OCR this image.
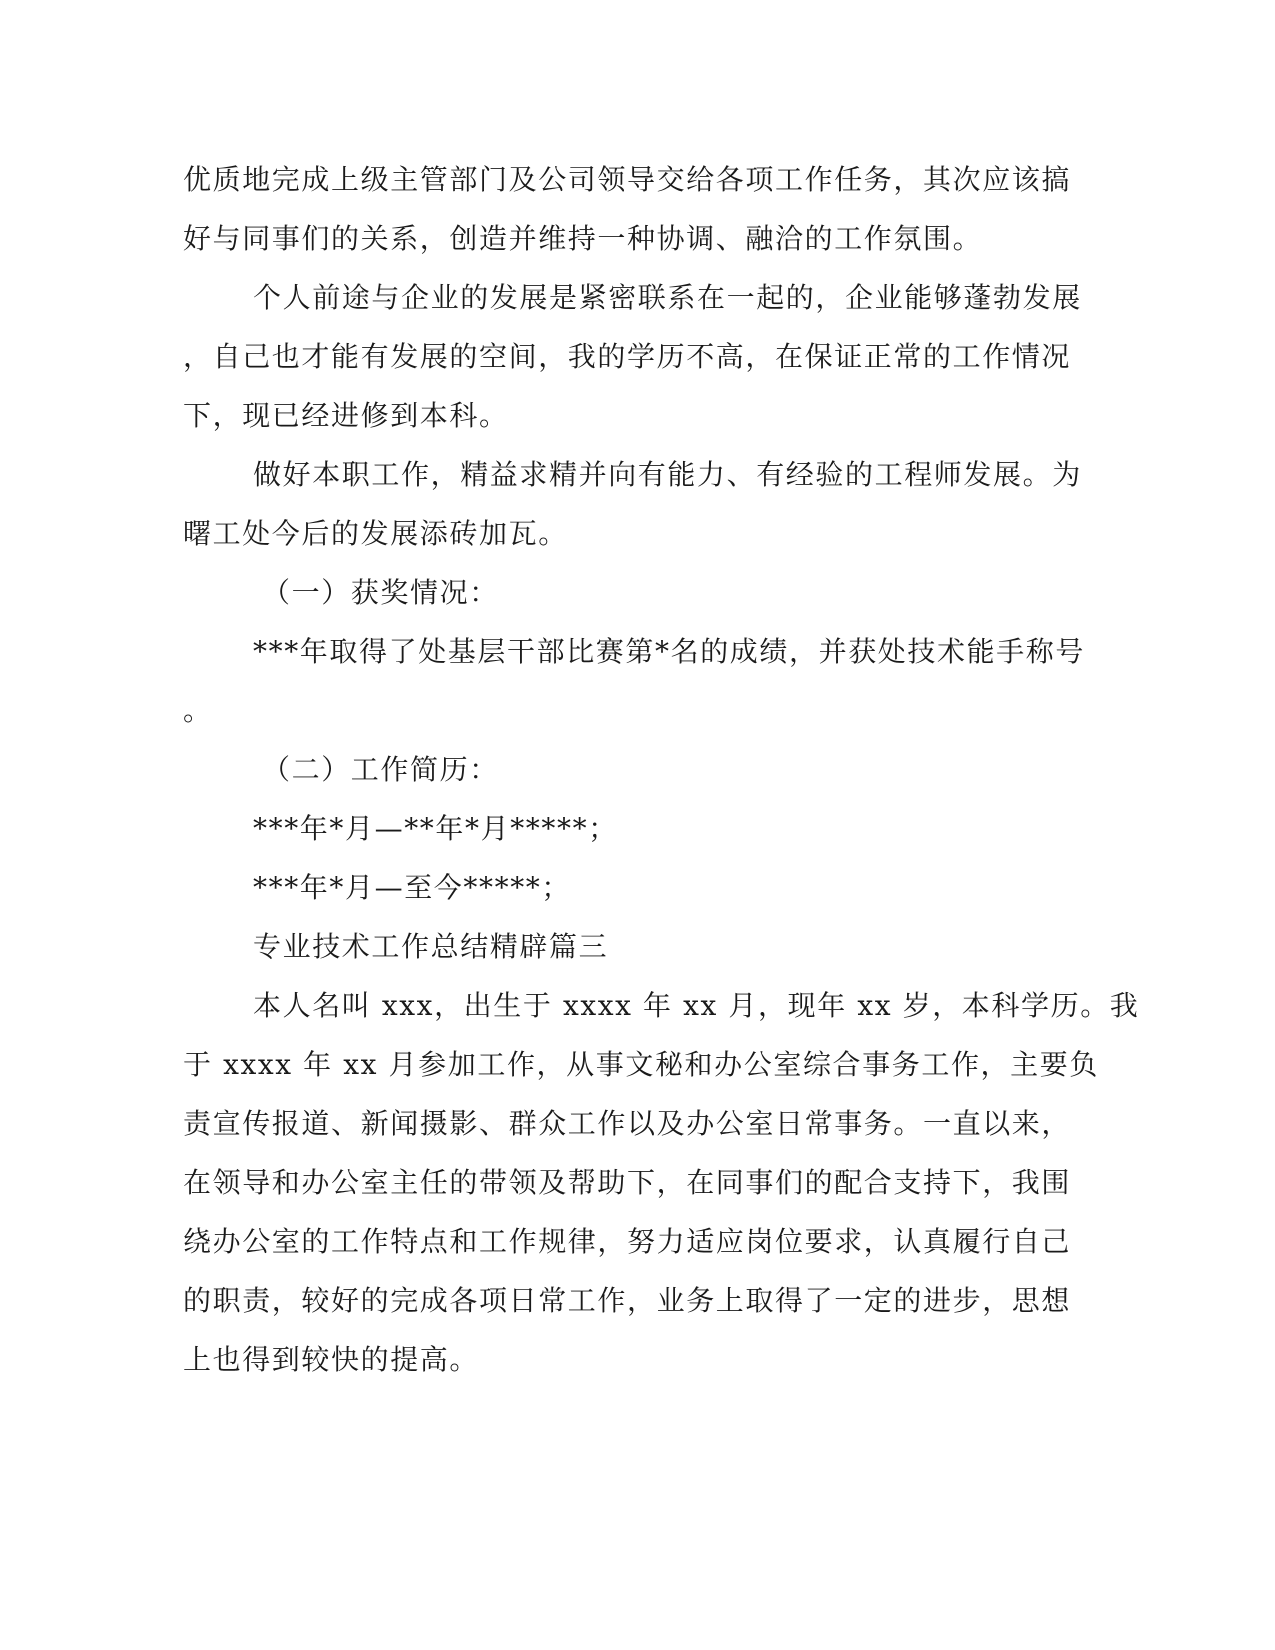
优质地完成上级主管部门及公司领导交给各项工作任务，其次应该搞
好与同事们的关系，创造并维持一种协调、融洽的工作氛围。
个人前途与企业的发展是紧密联系在一起的，企业能够蓬勃发展
，自己也才能有发展的空间，我的学历不高，在保证正常的工作情况
下，现已经进修到本科。
做好本职工作，精益求精并向有能力、有经验的工程师发展。为
曙工处今后的发展添砖加瓦。
（一）获奖情况：
***年取得了处基层干部比赛第*名的成绩，并获处技术能手称号
。
（二）工作简历：
***年*月—**年*月*****；
***年*月—至今*****；
专业技术工作总结精辟篇三
本人名叫 xxx，出生于 xxxx 年 xx 月，现年 xx 岁，本科学历。我
于 xxxx 年 xx 月参加工作，从事文秘和办公室综合事务工作，主要负
责宣传报道、新闻摄影、群众工作以及办公室日常事务。一直以来，
在领导和办公室主任的带领及帮助下，在同事们的配合支持下，我围
绕办公室的工作特点和工作规律，努力适应岗位要求，认真履行自己
的职责，较好的完成各项日常工作，业务上取得了一定的进步，思想
上也得到较快的提高。
